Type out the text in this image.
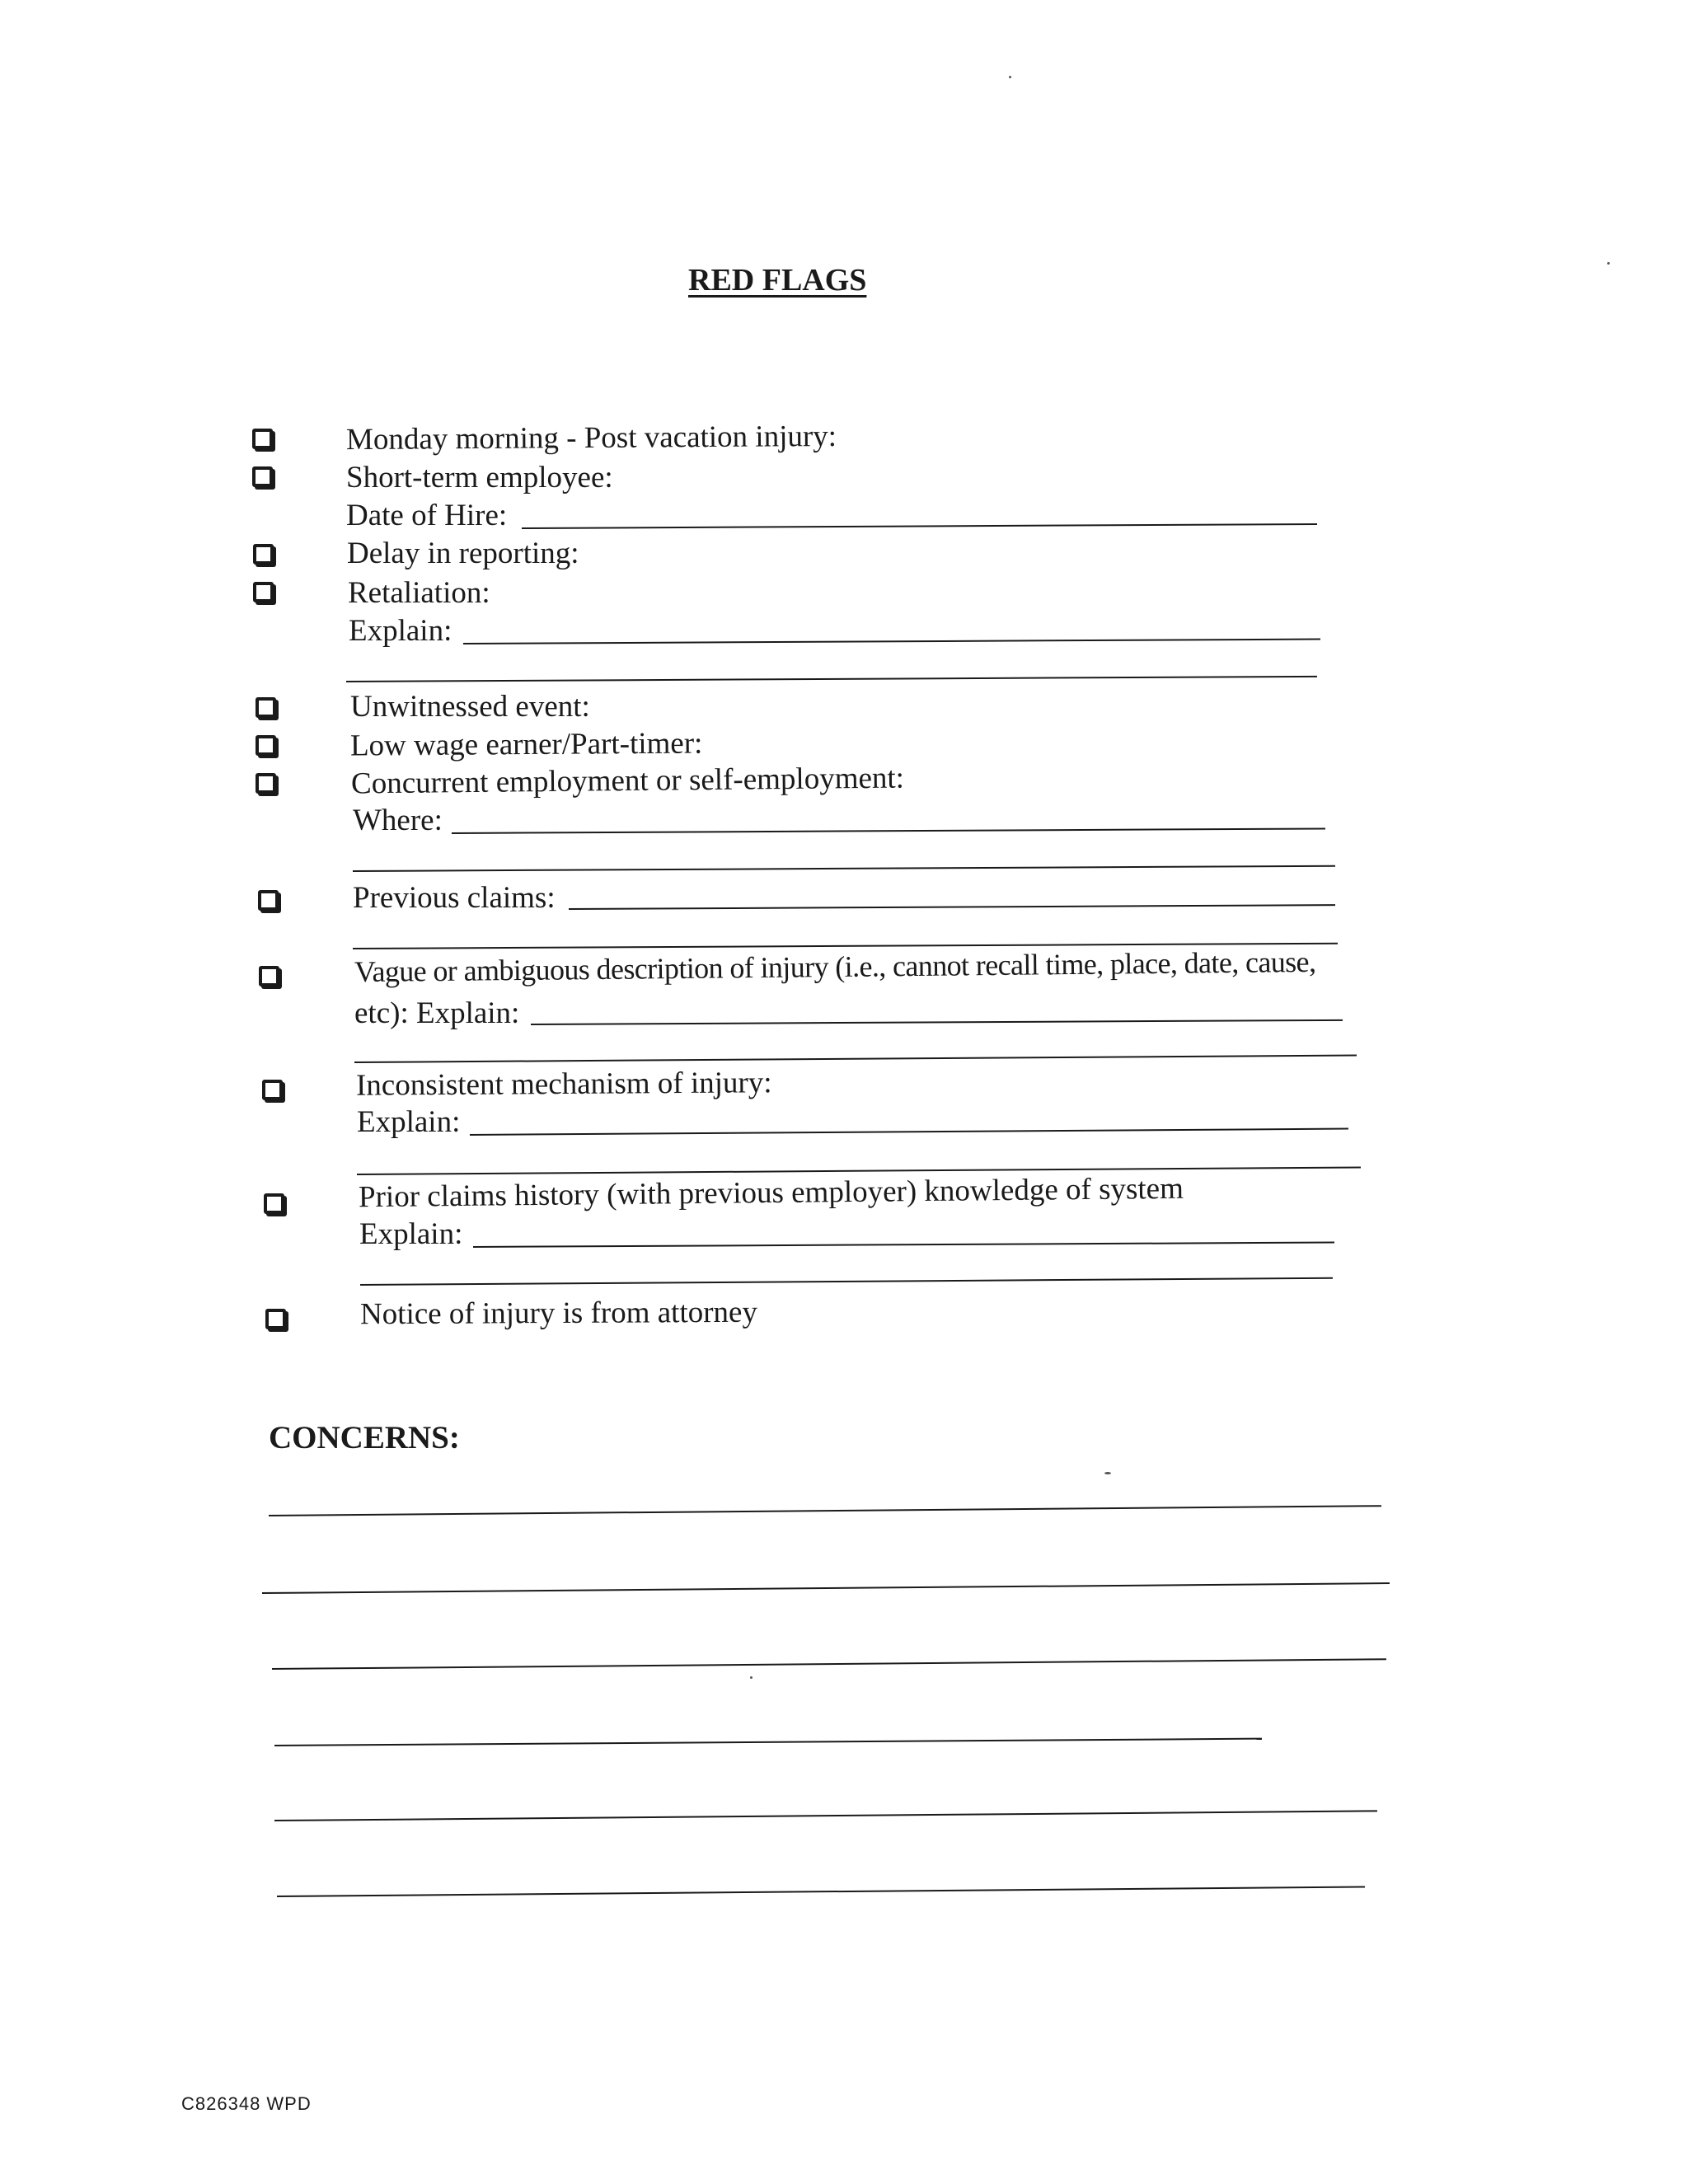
RED FLAGS
Monday morning - Post vacation injury:
Short-term employee:
Date of Hire:
Delay in reporting:
Retaliation:
Explain:
Unwitnessed event:
Low wage earner/Part-timer:
Concurrent employment or self-employment:
Where:
Previous claims:
Vague or ambiguous description of injury (i.e., cannot recall time, place, date, cause,
etc): Explain:
Inconsistent mechanism of injury:
Explain:
Prior claims history (with previous employer) knowledge of system
Explain:
Notice of injury is from attorney
CONCERNS:
C826348 WPD
